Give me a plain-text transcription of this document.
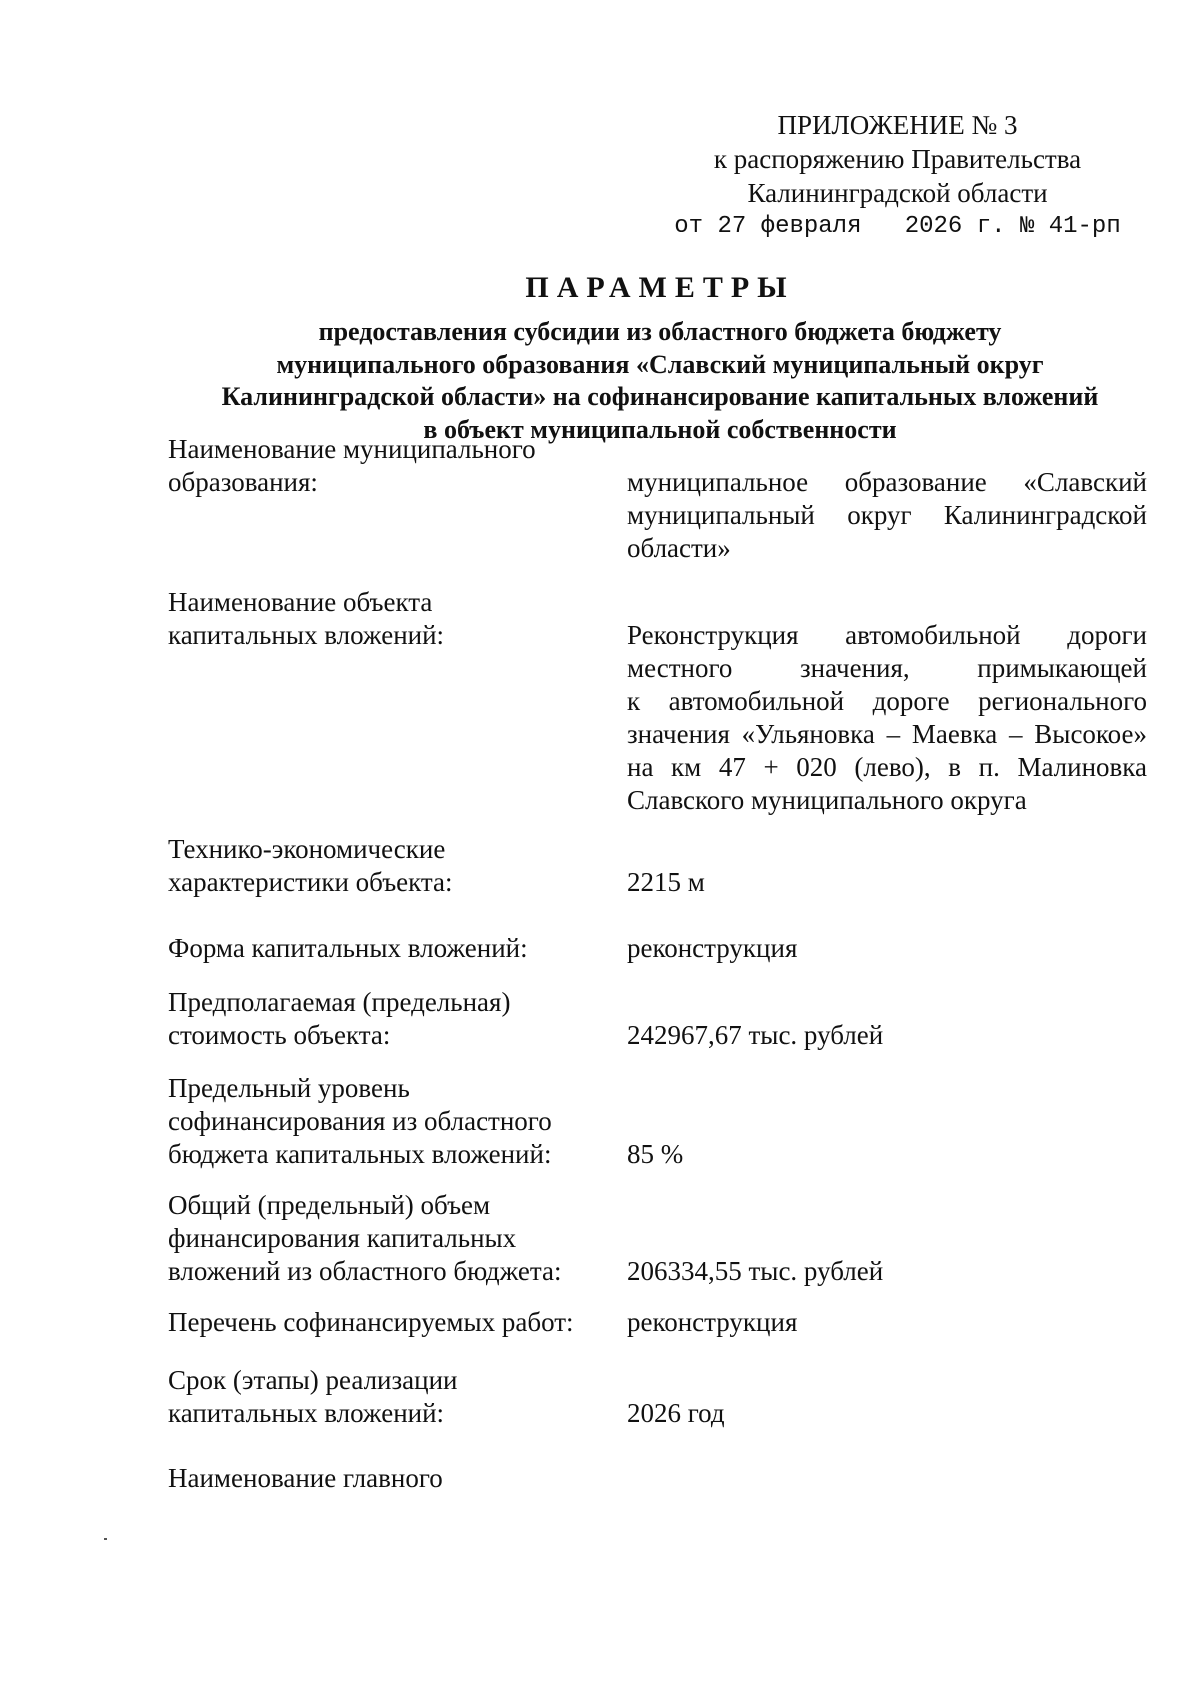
ПРИЛОЖЕНИЕ № 3
к распоряжению Правительства
Калининградской области
от 27 февраля   2026 г. № 41-рп
ПАРАМЕТРЫ
предоставления субсидии из областного бюджета бюджету
муниципального образования «Славский муниципальный округ
Калининградской области» на софинансирование капитальных вложений
в объект муниципальной собственности
Наименование муниципального
образования:	муниципальное образование «Славский
муниципальный округ Калининградской
области»
Наименование объекта
капитальных вложений:	Реконструкция автомобильной дороги
местного значения, примыкающей
к автомобильной дороге регионального
значения «Ульяновка – Маевка – Высокое»
на км 47 + 020 (лево), в п. Малиновка
Славского муниципального округа
Технико-экономические
характеристики объекта:	2215 м
Форма капитальных вложений:	реконструкция
Предполагаемая (предельная)
стоимость объекта:	242967,67 тыс. рублей
Предельный уровень
софинансирования из областного
бюджета капитальных вложений:	85 %
Общий (предельный) объем
финансирования капитальных
вложений из областного бюджета:	206334,55 тыс. рублей
Перечень софинансируемых работ:	реконструкция
Срок (этапы) реализации
капитальных вложений:	2026 год
Наименование главного
